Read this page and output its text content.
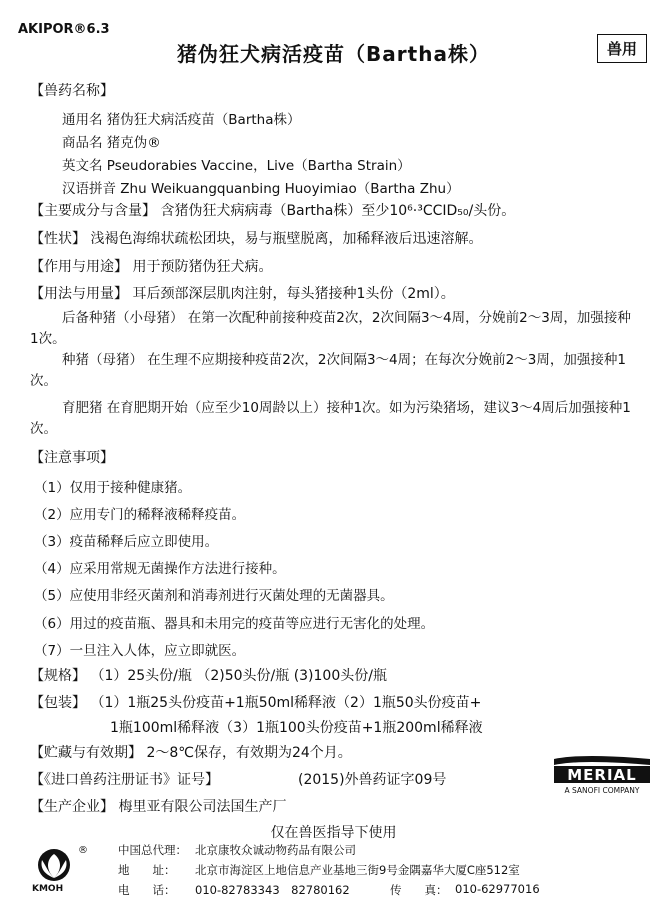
AKIPOR®6.3
猪伪狂犬病活疫苗（Bartha株）	兽用
【兽药名称】
通用名 猪伪狂犬病活疫苗（Bartha株）
商品名 猪克伪®
英文名 Pseudorabies Vaccine，Live（Bartha Strain）
汉语拼音 Zhu Weikuangquanbing Huoyimiao（Bartha Zhu）
【主要成分与含量】 含猪伪狂犬病病毒（Bartha株）至少10⁶·³CCID₅₀/头份。
【性状】 浅褐色海绵状疏松团块，易与瓶壁脱离，加稀释液后迅速溶解。
【作用与用途】 用于预防猪伪狂犬病。
【用法与用量】 耳后颈部深层肌肉注射，每头猪接种1头份（2ml）。
后备种猪（小母猪） 在第一次配种前接种疫苗2次，2次间隔3～4周，分娩前2～3周，加强接种1次。
种猪（母猪） 在生理不应期接种疫苗2次，2次间隔3～4周；在每次分娩前2～3周，加强接种1次。
育肥猪 在育肥期开始（应至少10周龄以上）接种1次。如为污染猪场，建议3～4周后加强接种1次。
【注意事项】
（1）仅用于接种健康猪。
（2）应用专门的稀释液稀释疫苗。
（3）疫苗稀释后应立即使用。
（4）应采用常规无菌操作方法进行接种。
（5）应使用非经灭菌剂和消毒剂进行灭菌处理的无菌器具。
（6）用过的疫苗瓶、器具和未用完的疫苗等应进行无害化的处理。
（7）一旦注入人体，应立即就医。
【规格】 （1）25头份/瓶 （2)50头份/瓶 (3)100头份/瓶
【包装】 （1）1瓶25头份疫苗+1瓶50ml稀释液（2）1瓶50头份疫苗+
1瓶100ml稀释液（3）1瓶100头份疫苗+1瓶200ml稀释液
【贮藏与有效期】 2～8℃保存，有效期为24个月。
【《进口兽药注册证书》证号】	(2015)外兽药证字09号
【生产企业】 梅里亚有限公司法国生产厂
仅在兽医指导下使用
MERIAL
A SANOFI COMPANY
KMOH
®	中国总代理： 北京康牧众诚动物药品有限公司
地　　址： 北京市海淀区上地信息产业基地三街9号金隅嘉华大厦C座512室
电　　话： 010-82783343　82780162	传　　真： 010-62977016
